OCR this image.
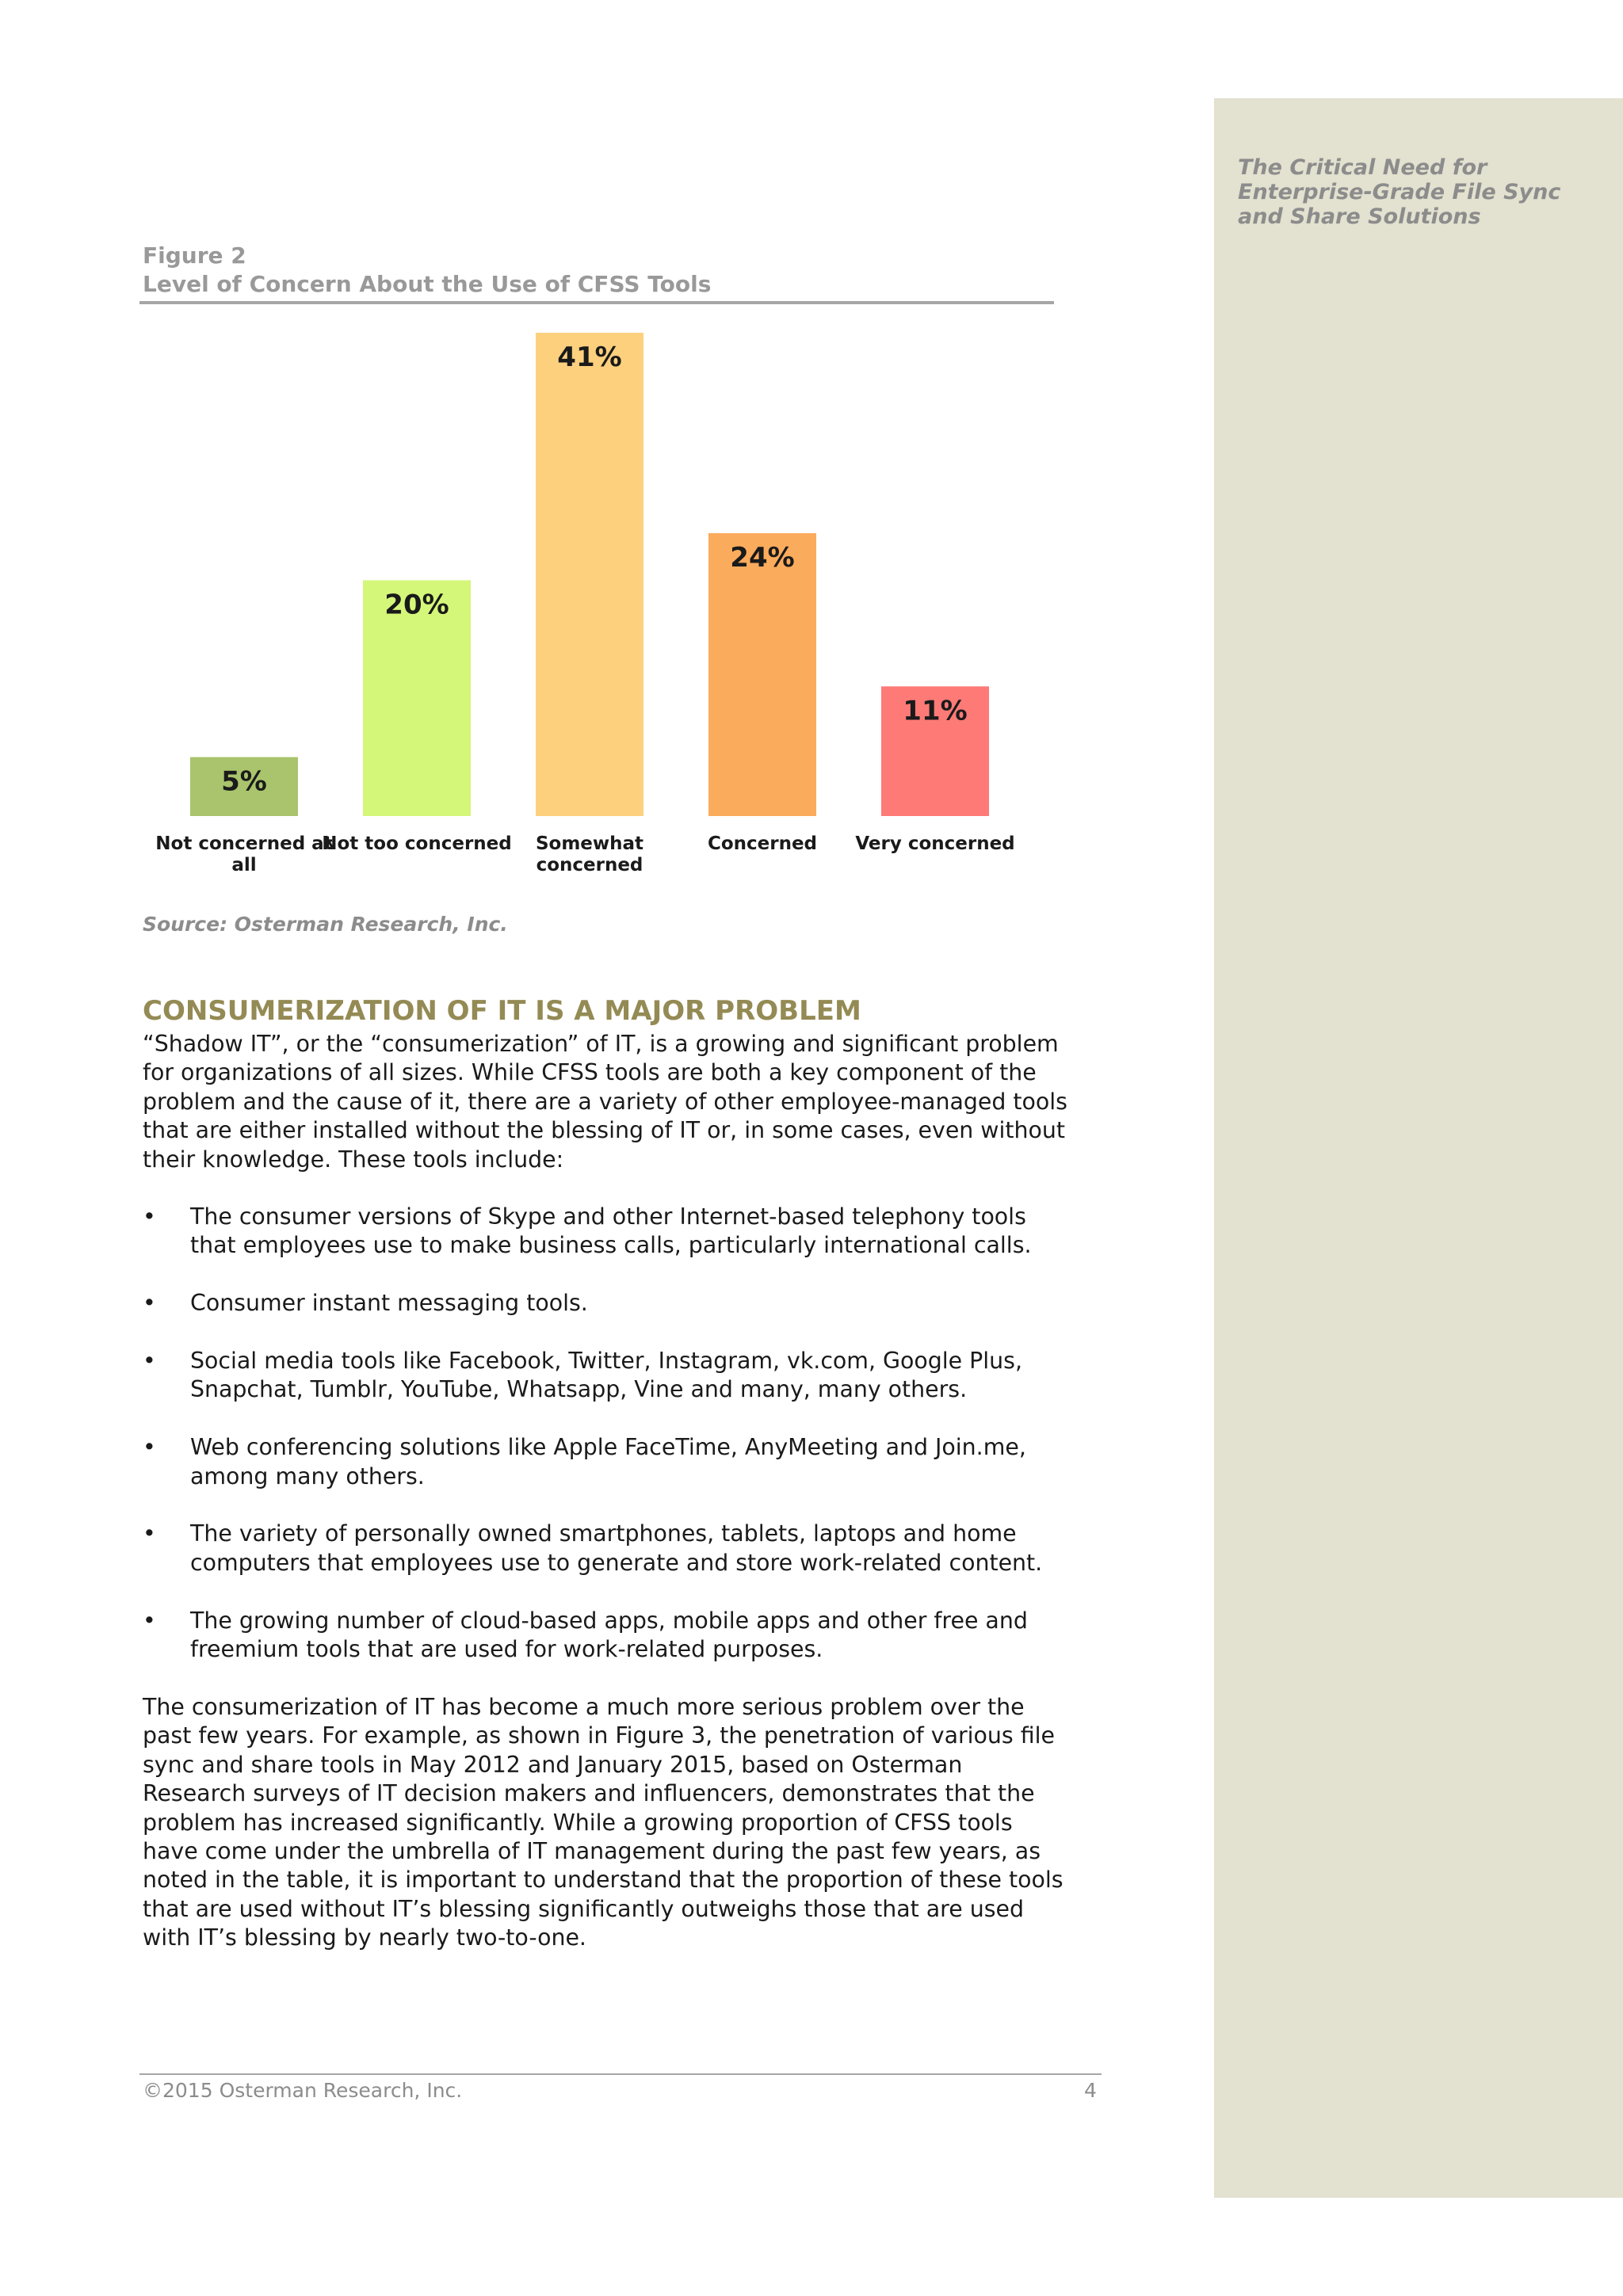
The Critical Need for Enterprise-Grade File Sync and Share Solutions
Figure 2
Level of Concern About the Use of CFSS Tools
5%
Not concerned at
all
20%
Not too concerned
41%
Somewhat
concerned
24%
Concerned
11%
Very concerned
Source: Osterman Research, Inc.
CONSUMERIZATION OF IT IS A MAJOR PROBLEM

“Shadow IT”, or the “consumerization” of IT, is a growing and significant problem for organizations of all sizes. While CFSS tools are both a key component of the problem and the cause of it, there are a variety of other employee-managed tools that are either installed without the blessing of IT or, in some cases, even without their knowledge. These tools include:

• The consumer versions of Skype and other Internet-based telephony tools that employees use to make business calls, particularly international calls.
• Consumer instant messaging tools.
• Social media tools like Facebook, Twitter, Instagram, vk.com, Google Plus, Snapchat, Tumblr, YouTube, Whatsapp, Vine and many, many others.
• Web conferencing solutions like Apple FaceTime, AnyMeeting and Join.me, among many others.
• The variety of personally owned smartphones, tablets, laptops and home computers that employees use to generate and store work-related content.
• The growing number of cloud-based apps, mobile apps and other free and freemium tools that are used for work-related purposes.

The consumerization of IT has become a much more serious problem over the past few years. For example, as shown in Figure 3, the penetration of various file sync and share tools in May 2012 and January 2015, based on Osterman Research surveys of IT decision makers and influencers, demonstrates that the problem has increased significantly. While a growing proportion of CFSS tools have come under the umbrella of IT management during the past few years, as noted in the table, it is important to understand that the proportion of these tools that are used without IT’s blessing significantly outweighs those that are used with IT’s blessing by nearly two-to-one.

©2015 Osterman Research, Inc.	4
